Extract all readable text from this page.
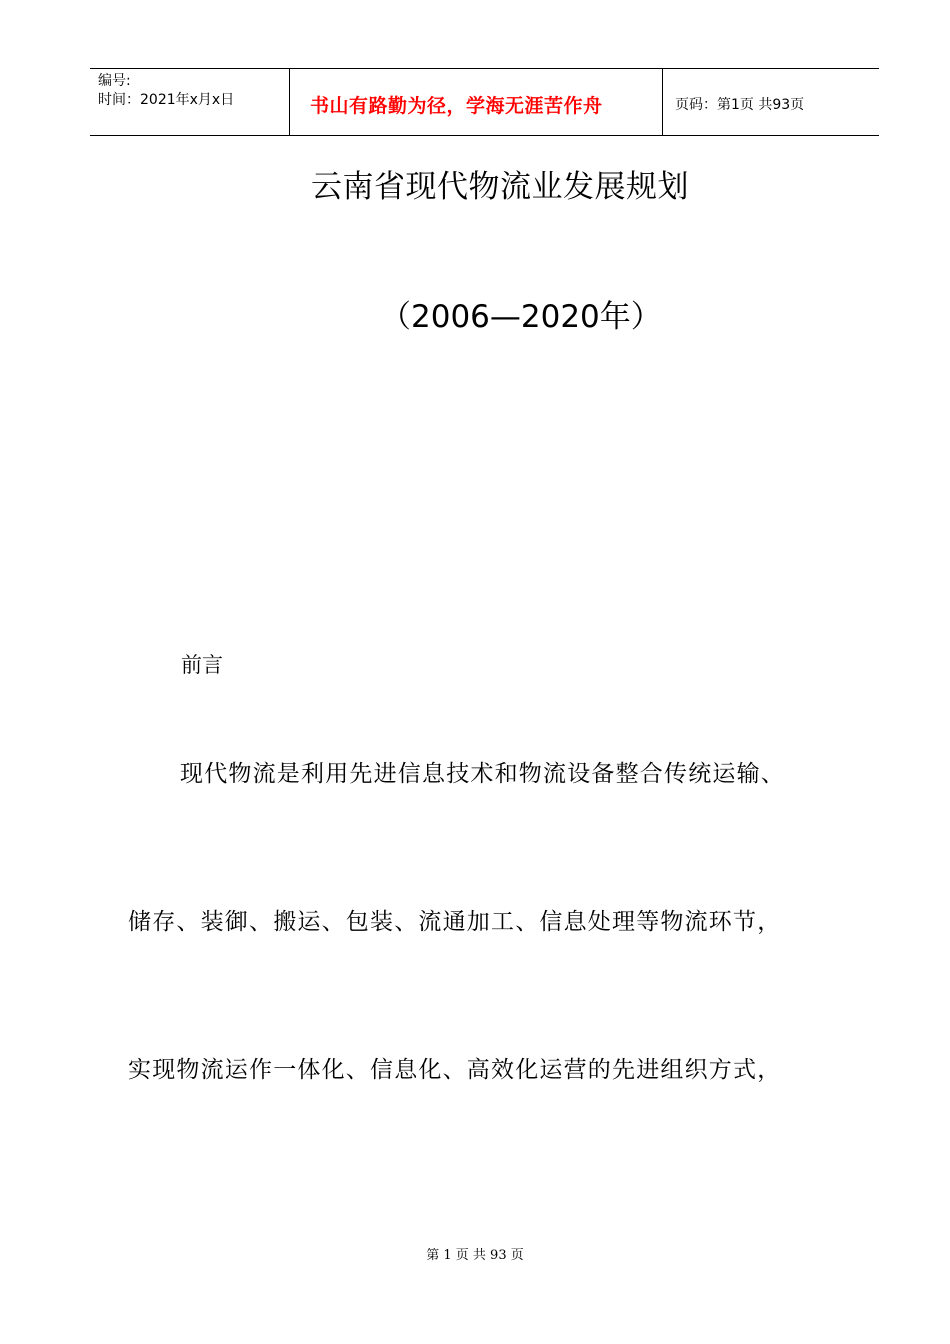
编号:
时间：2021年x月x日	书山有路勤为径，学海无涯苦作舟	页码：第1页 共93页
云南省现代物流业发展规划
（2006—2020年）
前言
现代物流是利用先进信息技术和物流设备整合传统运输、
储存、装御、搬运、包装、流通加工、信息处理等物流环节，
实现物流运作一体化、信息化、高效化运营的先进组织方式，
第 1 页 共 93 页
